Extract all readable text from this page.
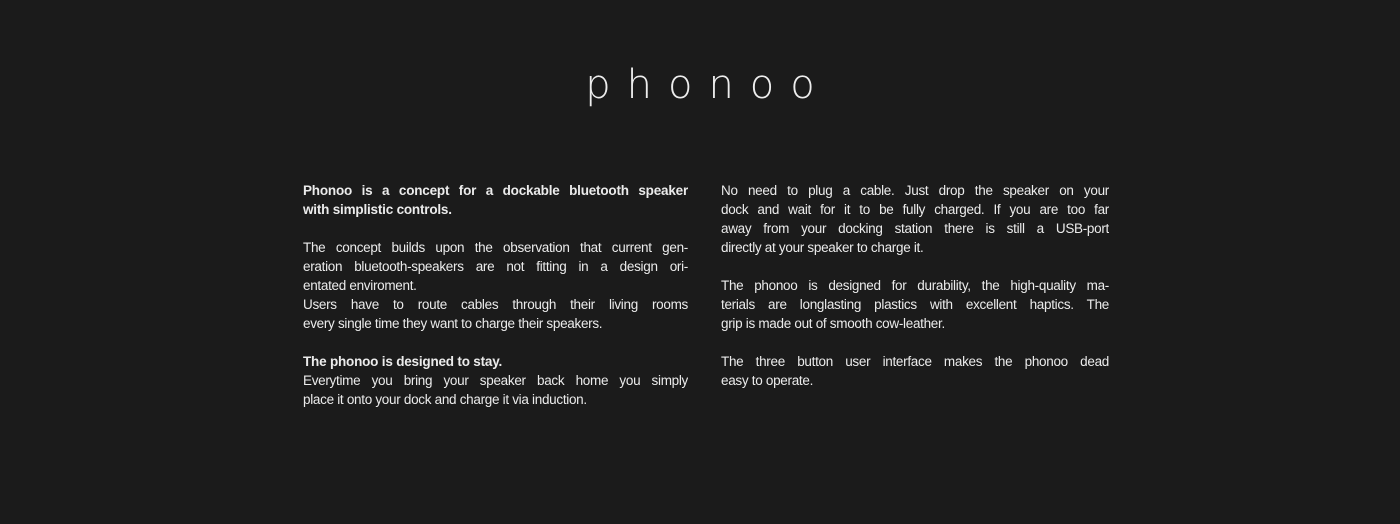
phonoo
Phonoo is a concept for a dockable bluetooth speaker
with simplistic controls.
The concept builds upon the observation that current gen-
eration bluetooth-speakers are not fitting in a design ori-
entated enviroment.
Users have to route cables through their living rooms
every single time they want to charge their speakers.
The phonoo is designed to stay.
Everytime you bring your speaker back home you simply
place it onto your dock and charge it via induction.
No need to plug a cable. Just drop the speaker on your
dock and wait for it to be fully charged. If you are too far
away from your docking station there is still a USB-port
directly at your speaker to charge it.
The phonoo is designed for durability, the high-quality ma-
terials are longlasting plastics with excellent haptics. The
grip is made out of smooth cow-leather.
The three button user interface makes the phonoo dead
easy to operate.
